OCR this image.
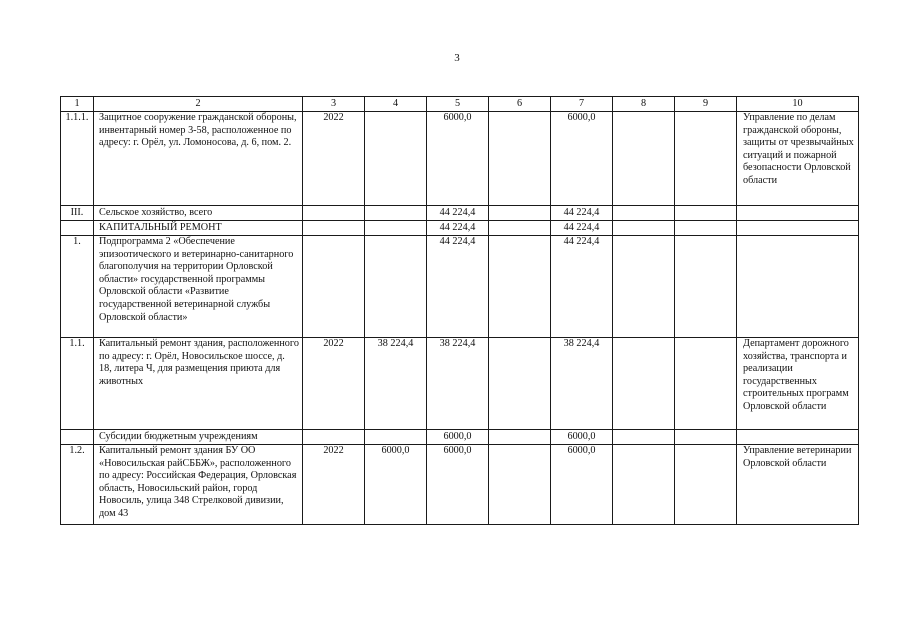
3
1	2	3	4	5	6	7	8	9	10
1.1.1.	Защитное сооружение гражданской обороны, инвентарный номер 3-58, расположенное по адресу: г. Орёл, ул. Ломоносова, д. 6, пом. 2.	2022		6000,0		6000,0			Управление по делам гражданской обороны, защиты от чрезвычайных ситуаций и пожарной безопасности Орловской области
III.	Сельское хозяйство, всего			44 224,4		44 224,4			
	КАПИТАЛЬНЫЙ РЕМОНТ			44 224,4		44 224,4			
1.	Подпрограмма 2 «Обеспечение эпизоотического и ветеринарно-санитарного благополучия на территории Орловской области» государственной программы Орловской области «Развитие государственной ветеринарной службы Орловской области»			44 224,4		44 224,4			
1.1.	Капитальный ремонт здания, расположенного по адресу: г. Орёл, Новосильское шоссе, д. 18, литера Ч, для размещения приюта для животных	2022	38 224,4	38 224,4		38 224,4			Департамент дорожного хозяйства, транспорта и реализации государственных строительных программ Орловской области
	Субсидии бюджетным учреждениям			6000,0		6000,0			
1.2.	Капитальный ремонт здания БУ ОО «Новосильская райСББЖ», расположенного по адресу: Российская Федерация, Орловская область, Новосильский район, город Новосиль, улица 348 Стрелковой дивизии, дом 43	2022	6000,0	6000,0		6000,0			Управление ветеринарии Орловской области
